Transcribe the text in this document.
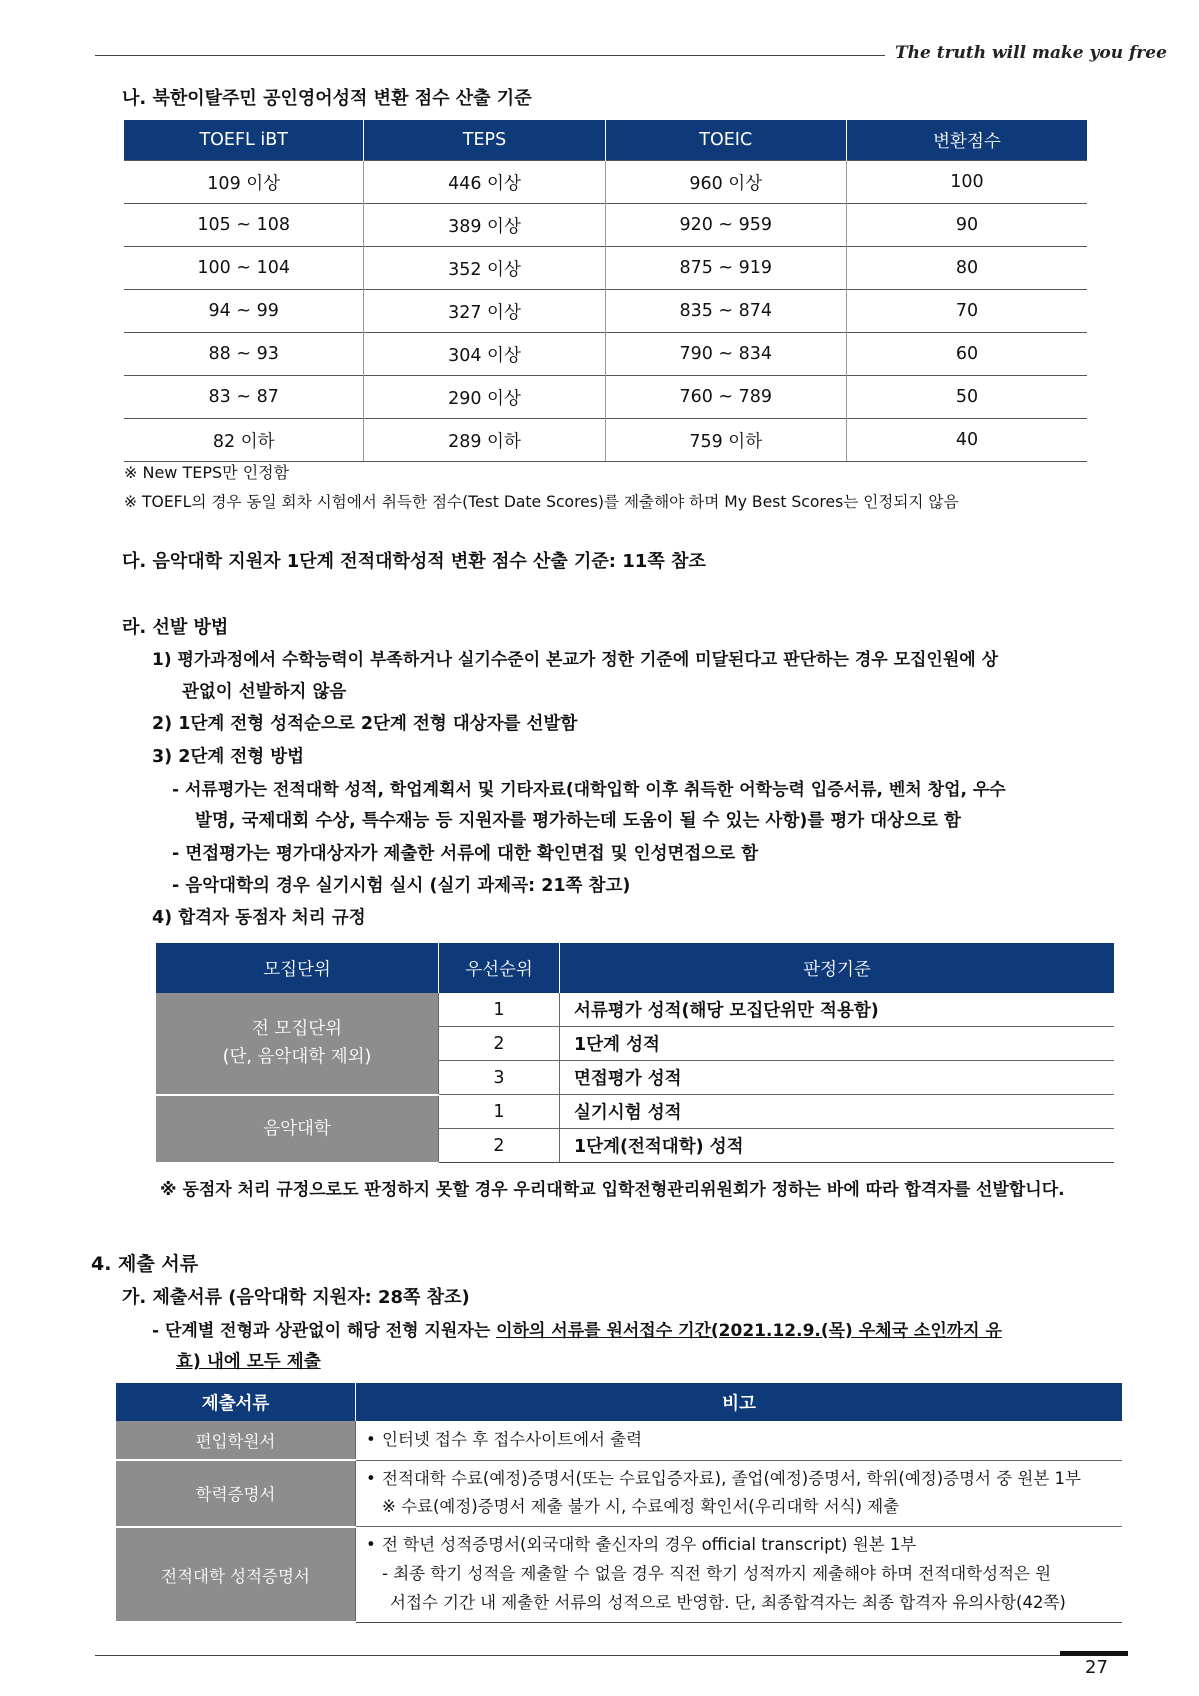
The truth will make you free
나. 북한이탈주민 공인영어성적 변환 점수 산출 기준
TOEFL iBT	TEPS	TOEIC	변환점수
109 이상	446 이상	960 이상	100
105 ~ 108	389 이상	920 ~ 959	90
100 ~ 104	352 이상	875 ~ 919	80
94 ~ 99	327 이상	835 ~ 874	70
88 ~ 93	304 이상	790 ~ 834	60
83 ~ 87	290 이상	760 ~ 789	50
82 이하	289 이하	759 이하	40
※ New TEPS만 인정함
※ TOEFL의 경우 동일 회차 시험에서 취득한 점수(Test Date Scores)를 제출해야 하며 My Best Scores는 인정되지 않음
다. 음악대학 지원자 1단계 전적대학성적 변환 점수 산출 기준: 11쪽 참조
라. 선발 방법
1) 평가과정에서 수학능력이 부족하거나 실기수준이 본교가 정한 기준에 미달된다고 판단하는 경우 모집인원에 상
관없이 선발하지 않음
2) 1단계 전형 성적순으로 2단계 전형 대상자를 선발함
3) 2단계 전형 방법
- 서류평가는 전적대학 성적, 학업계획서 및 기타자료(대학입학 이후 취득한 어학능력 입증서류, 벤처 창업, 우수
발명, 국제대회 수상, 특수재능 등 지원자를 평가하는데 도움이 될 수 있는 사항)를 평가 대상으로 함
- 면접평가는 평가대상자가 제출한 서류에 대한 확인면접 및 인성면접으로 함
- 음악대학의 경우 실기시험 실시 (실기 과제곡: 21쪽 참고)
4) 합격자 동점자 처리 규정
모집단위	우선순위	판정기준

전 모집단위
(단, 음악대학 제외)	1	서류평가 성적(해당 모집단위만 적용함)
	2	1단계 성적
	3	면접평가 성적
음악대학	1	실기시험 성적
	2	1단계(전적대학) 성적
※ 동점자 처리 규정으로도 판정하지 못할 경우 우리대학교 입학전형관리위원회가 정하는 바에 따라 합격자를 선발합니다.
4. 제출 서류
가. 제출서류 (음악대학 지원자: 28쪽 참조)
- 단계별 전형과 상관없이 해당 전형 지원자는 이하의 서류를 원서접수 기간(2021.12.9.(목) 우체국 소인까지 유
효) 내에 모두 제출
제출서류	비고
편입학원서	• 인터넷 접수 후 접수사이트에서 출력
학력증명서	• 전적대학 수료(예정)증명서(또는 수료입증자료), 졸업(예정)증명서, 학위(예정)증명서 중 원본 1부
※ 수료(예정)증명서 제출 불가 시, 수료예정 확인서(우리대학 서식) 제출

전적대학 성적증명서	• 전 학년 성적증명서(외국대학 출신자의 경우 official transcript) 원본 1부
- 최종 학기 성적을 제출할 수 없을 경우 직전 학기 성적까지 제출해야 하며 전적대학성적은 원
서접수 기간 내 제출한 서류의 성적으로 반영함. 단, 최종합격자는 최종 합격자 유의사항(42쪽)
27
